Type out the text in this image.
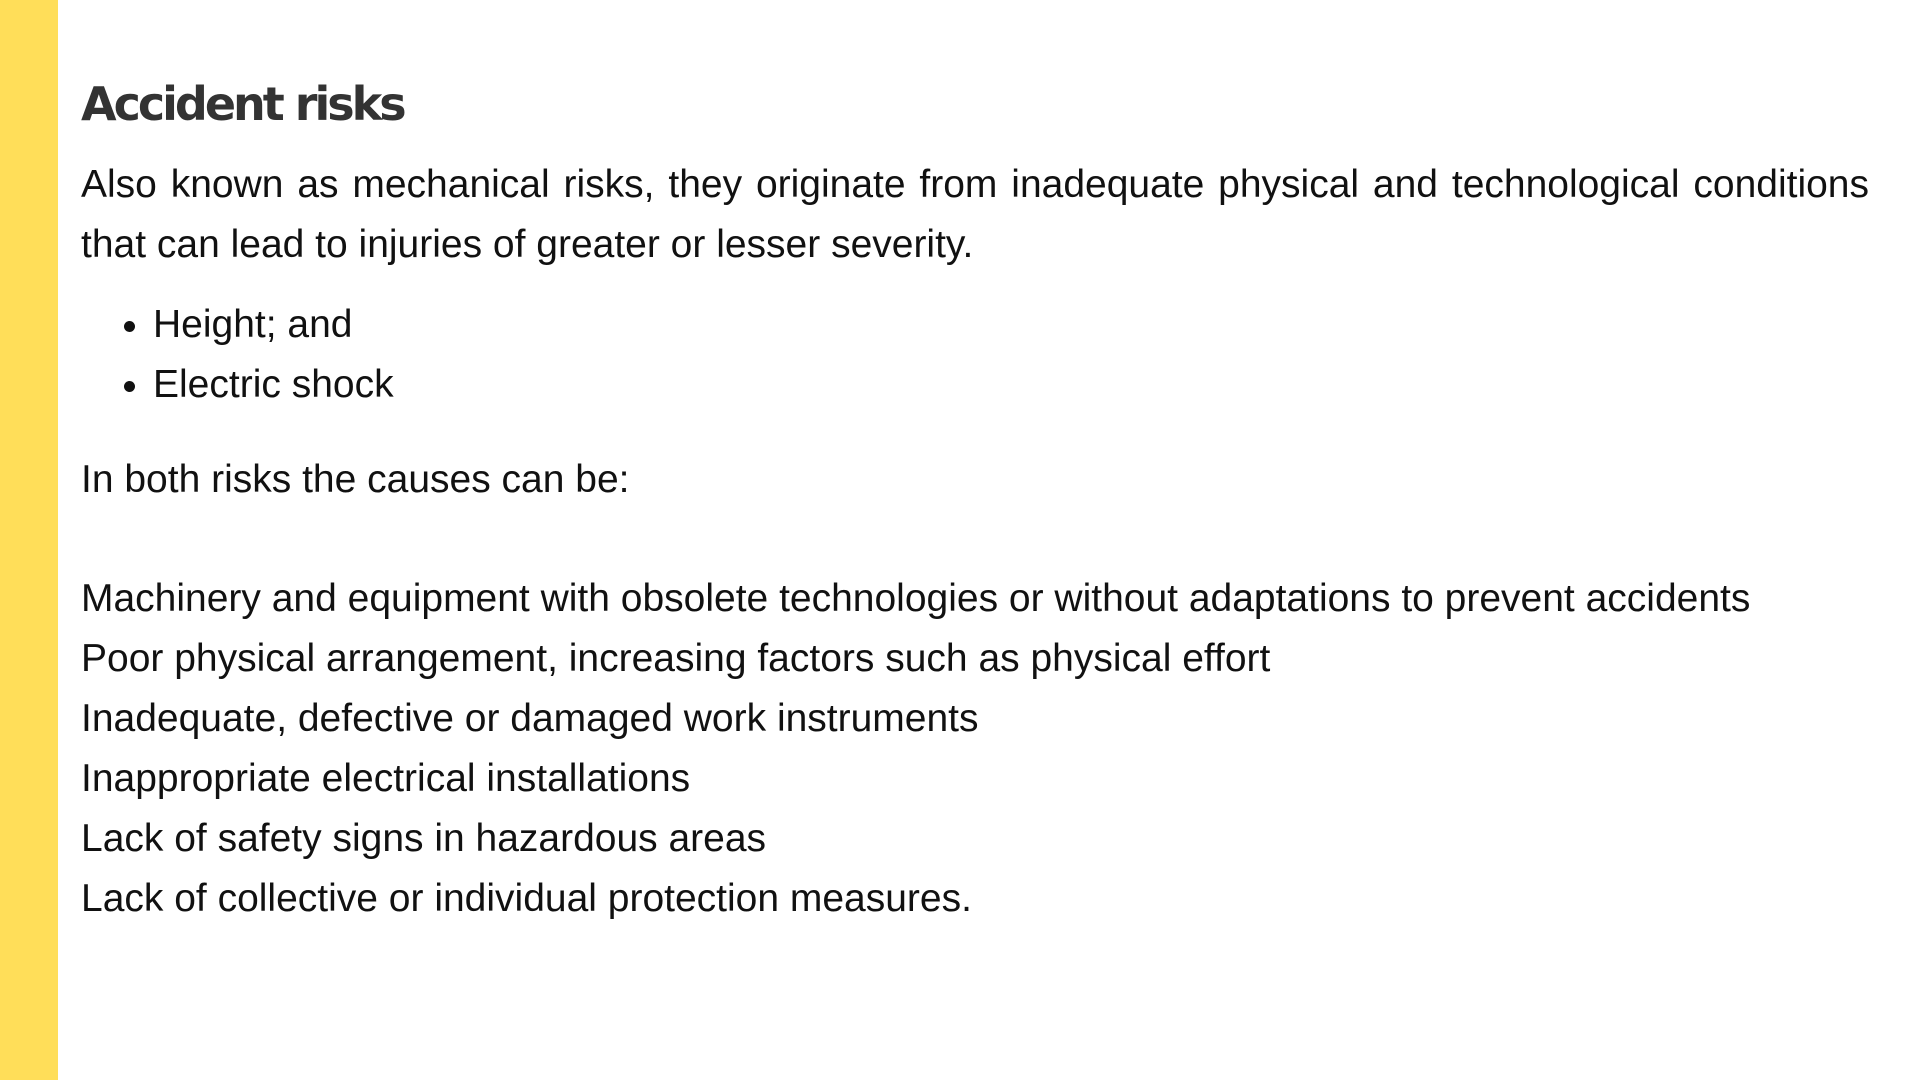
Accident risks

Also known as mechanical risks, they originate from inadequate physical and technological conditions that can lead to injuries of greater or lesser severity.

• Height; and
• Electric shock

In both risks the causes can be:

Machinery and equipment with obsolete technologies or without adaptations to prevent accidents

Poor physical arrangement, increasing factors such as physical effort

Inadequate, defective or damaged work instruments

Inappropriate electrical installations

Lack of safety signs in hazardous areas

Lack of collective or individual protection measures.
